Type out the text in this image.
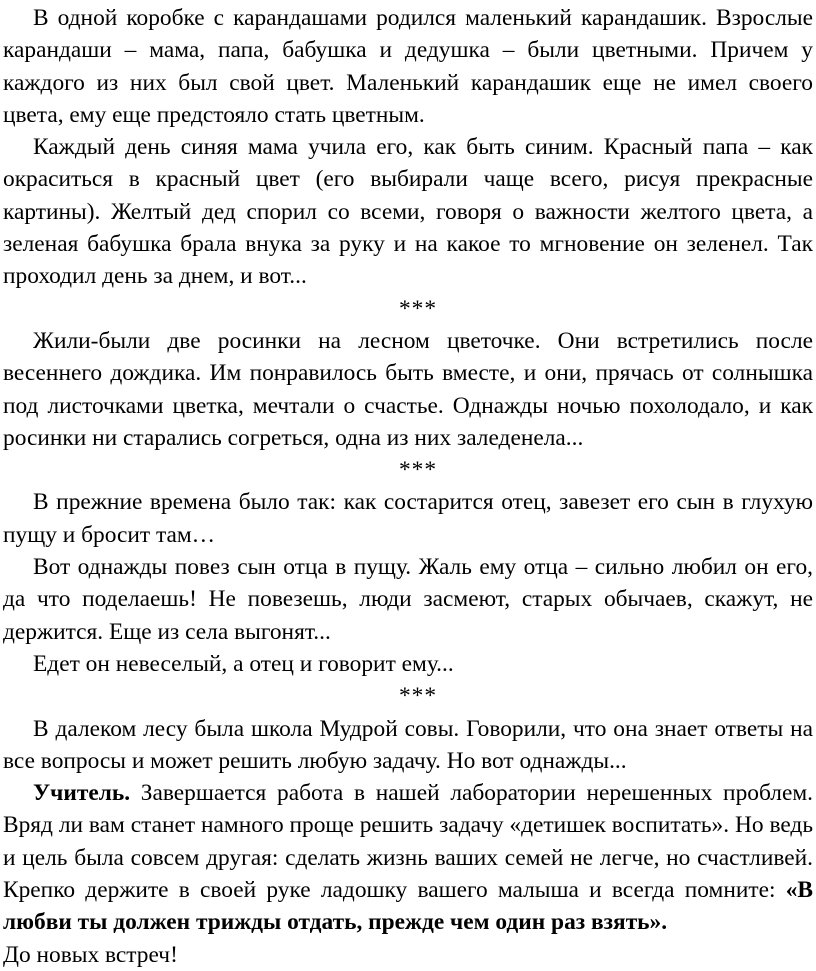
В одной коробке с карандашами родился маленький карандашик. Взрослые карандаши – мама, папа, бабушка и дедушка – были цветными. Причем у каждого из них был свой цвет. Маленький карандашик еще не имел своего цвета, ему еще предстояло стать цветным.

Каждый день синяя мама учила его, как быть синим. Красный папа – как окраситься в красный цвет (его выбирали чаще всего, рисуя прекрасные картины). Желтый дед спорил со всеми, говоря о важности желтого цвета, а зеленая бабушка брала внука за руку и на какое то мгновение он зеленел. Так проходил день за днем, и вот...

***

Жили-были две росинки на лесном цветочке. Они встретились после весеннего дождика. Им понравилось быть вместе, и они, прячась от солнышка под листочками цветка, мечтали о счастье. Однажды ночью похолодало, и как росинки ни старались согреться, одна из них заледенела...

***

В прежние времена было так: как состарится отец, завезет его сын в глухую пущу и бросит там…

Вот однажды повез сын отца в пущу. Жаль ему отца – сильно любил он его, да что поделаешь! Не повезешь, люди засмеют, старых обычаев, скажут, не держится. Еще из села выгонят...

Едет он невеселый, а отец и говорит ему...

***

В далеком лесу была школа Мудрой совы. Говорили, что она знает ответы на все вопросы и может решить любую задачу. Но вот однажды...

Учитель. Завершается работа в нашей лаборатории нерешенных проблем. Вряд ли вам станет намного проще решить задачу «детишек воспитать». Но ведь и цель была совсем другая: сделать жизнь ваших семей не легче, но счастливей. Крепко держите в своей руке ладошку вашего малыша и всегда помните: «В любви ты должен трижды отдать, прежде чем один раз взять».

До новых встреч!
